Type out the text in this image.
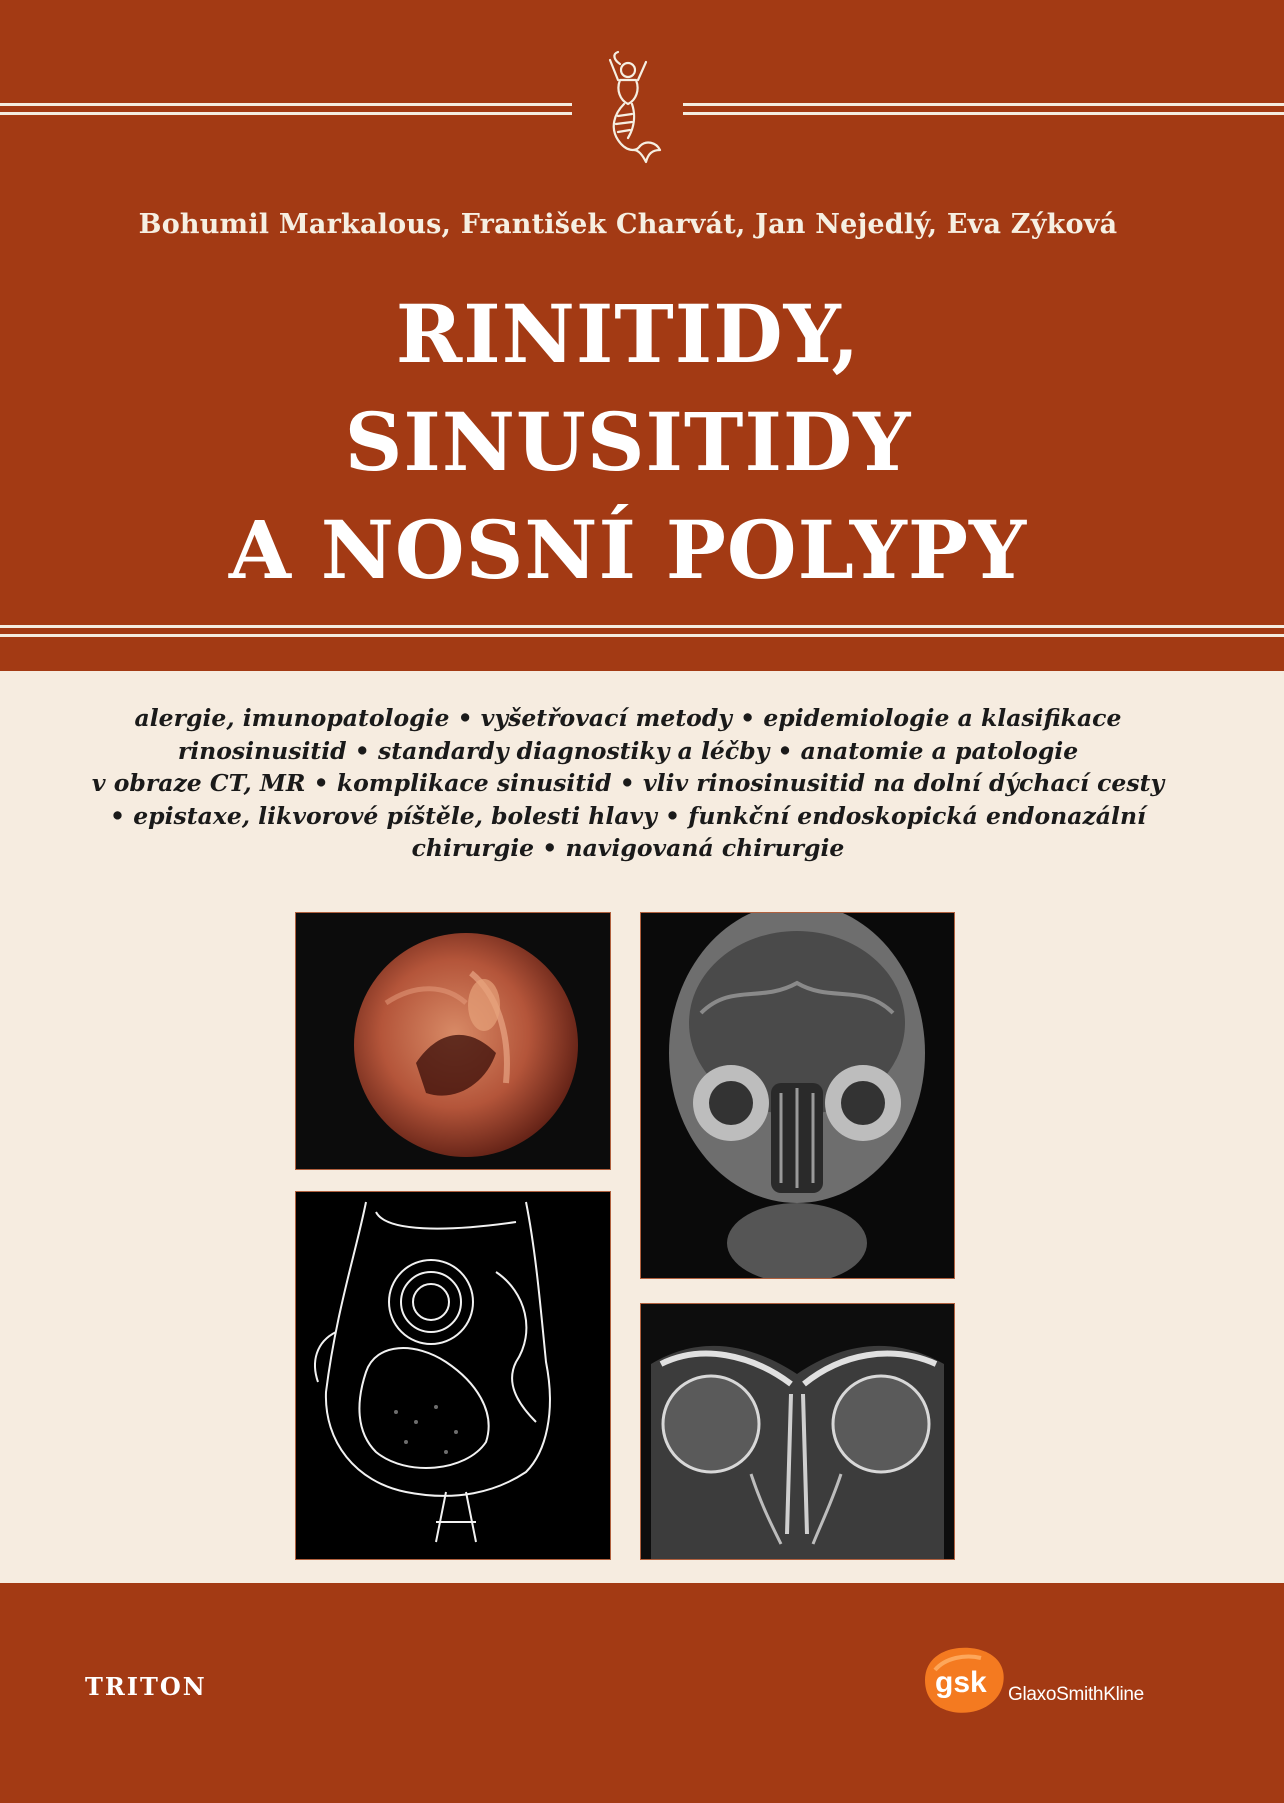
Bohumil Markalous, František Charvát, Jan Nejedlý, Eva Zýková
RINITIDY,
SINUSITIDY
A NOSNÍ POLYPY
alergie, imunopatologie • vyšetřovací metody • epidemiologie a klasifikace
rinosinusitid • standardy diagnostiky a léčby • anatomie a patologie
v obraze CT, MR • komplikace sinusitid • vliv rinosinusitid na dolní dýchací cesty
• epistaxe, likvorové píštěle, bolesti hlavy • funkční endoskopická endonazální
chirurgie • navigovaná chirurgie
TRITON	gsk GlaxoSmithKline
